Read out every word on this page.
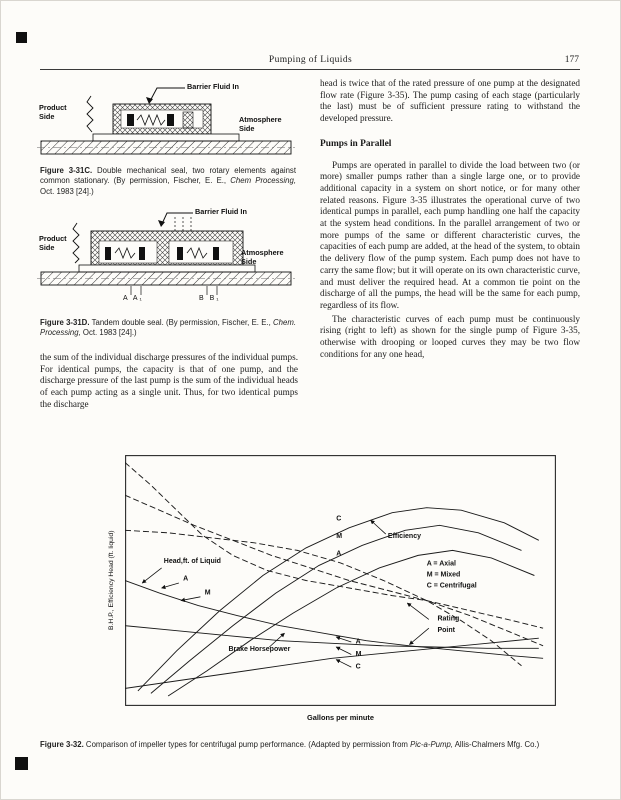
Pumping of Liquids	177
Barrier Fluid In
Product Side	Atmosphere Side

Figure 3-31C. Double mechanical seal, two rotary elements against common stationary. (By permission, Fischer, E. E., Chem Processing, Oct. 1983 [24].)

Barrier Fluid In
Product Side
Atmosphere Side
A A₁	B B₁

Figure 3-31D. Tandem double seal. (By permission, Fischer, E. E., Chem. Processing, Oct. 1983 [24].)

the sum of the individual discharge pressures of the individual pumps. For identical pumps, the capacity is that of one pump, and the discharge pressure of the last pump is the sum of the individual heads of each pump acting as a single unit. Thus, for two identical pumps the discharge

head is twice that of the rated pressure of one pump at the designated flow rate (Figure 3-35). The pump casing of each stage (particularly the last) must be of sufficient pressure rating to withstand the developed pressure.

Pumps in Parallel

Pumps are operated in parallel to divide the load between two (or more) smaller pumps rather than a single large one, or to provide additional capacity in a system on short notice, or for many other related reasons. Figure 3-35 illustrates the operational curve of two identical pumps in parallel, each pump handling one half the capacity at the system head conditions. In the parallel arrangement of two or more pumps of the same or different characteristic curves, the capacities of each pump are added, at the head of the system, to obtain the delivery flow of the pump system. Each pump does not have to carry the same flow; but it will operate on its own characteristic curve, and must deliver the required head. At a common tie point on the discharge of all the pumps, the head will be the same for each pump, regardless of its flow.

The characteristic curves of each pump must be continuously rising (right to left) as shown for the single pump of Figure 3-35, otherwise with drooping or looped curves they may be two flow conditions for any one head,

B.H.P., Efficiency Head (ft. liquid)	Head,ft. of Liquid
A
M
C
M
A
Efficiency
Brake Horsepower
Rating
Point
A
M
C
A = Axial
M = Mixed
C = Centrifugal
Gallons per minute

Figure 3-32. Comparison of impeller types for centrifugal pump performance. (Adapted by permission from Pic-a-Pump, Allis-Chalmers Mfg. Co.)
